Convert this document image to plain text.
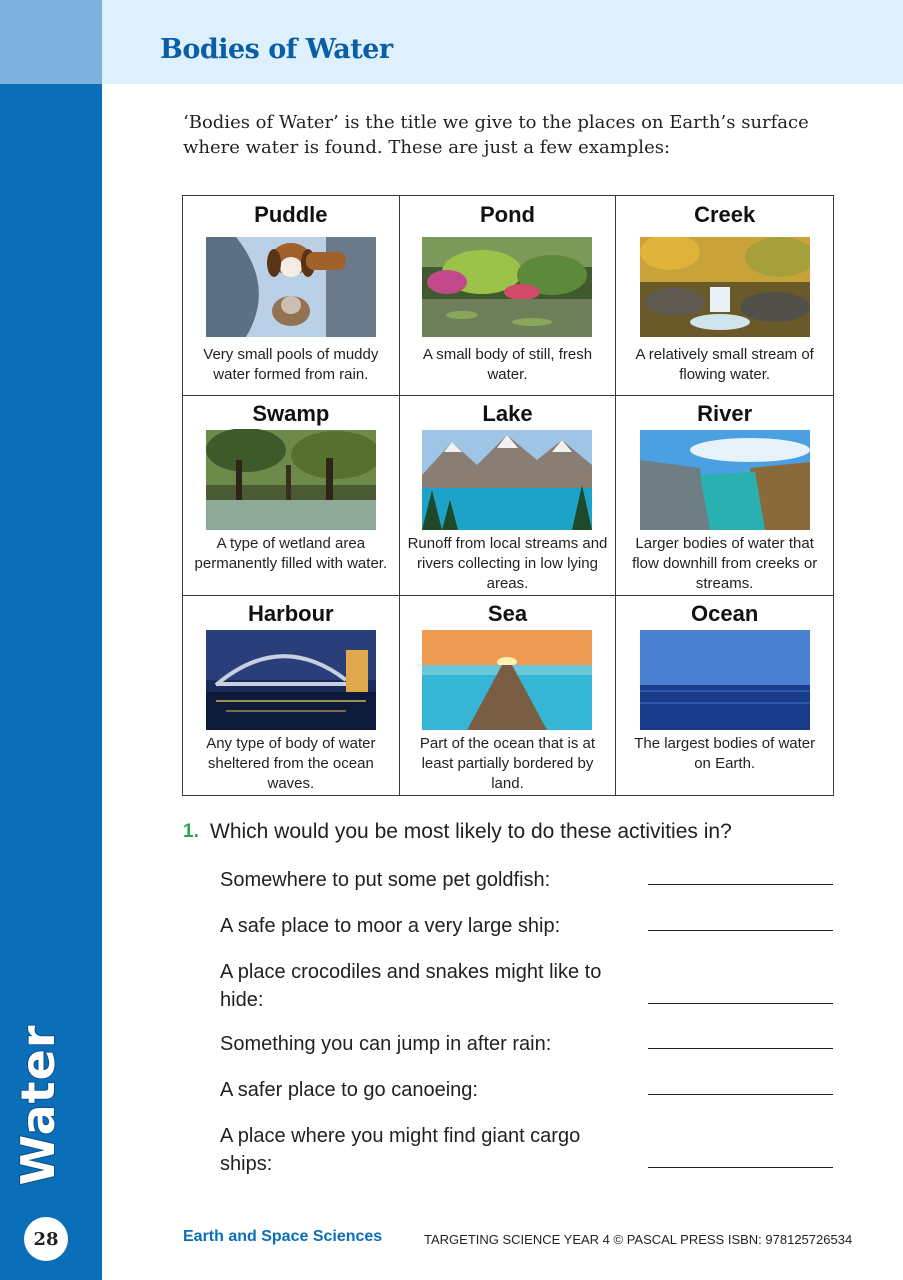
Water
28
Bodies of Water

‘Bodies of Water’ is the title we give to the places on Earth’s surface where water is found. These are just a few examples:

Puddle
Very small pools of muddy water formed from rain.
Pond
A small body of still, fresh water.
Creek
A relatively small stream of flowing water.
Swamp
A type of wetland area permanently filled with water.
Lake
Runoff from local streams and rivers collecting in low lying areas.
River
Larger bodies of water that flow downhill from creeks or streams.
Harbour
Any type of body of water sheltered from the ocean waves.
Sea
Part of the ocean that is at least partially bordered by land.
Ocean
The largest bodies of water on Earth.
1. Which would you be most likely to do these activities in?
Somewhere to put some pet goldfish:
A safe place to moor a very large ship:
A place crocodiles and snakes might like to hide:
Something you can jump in after rain:
A safer place to go canoeing:
A place where you might find giant cargo ships:
Earth and Space Sciences	TARGETING SCIENCE YEAR 4 © PASCAL PRESS ISBN: 978125726534
